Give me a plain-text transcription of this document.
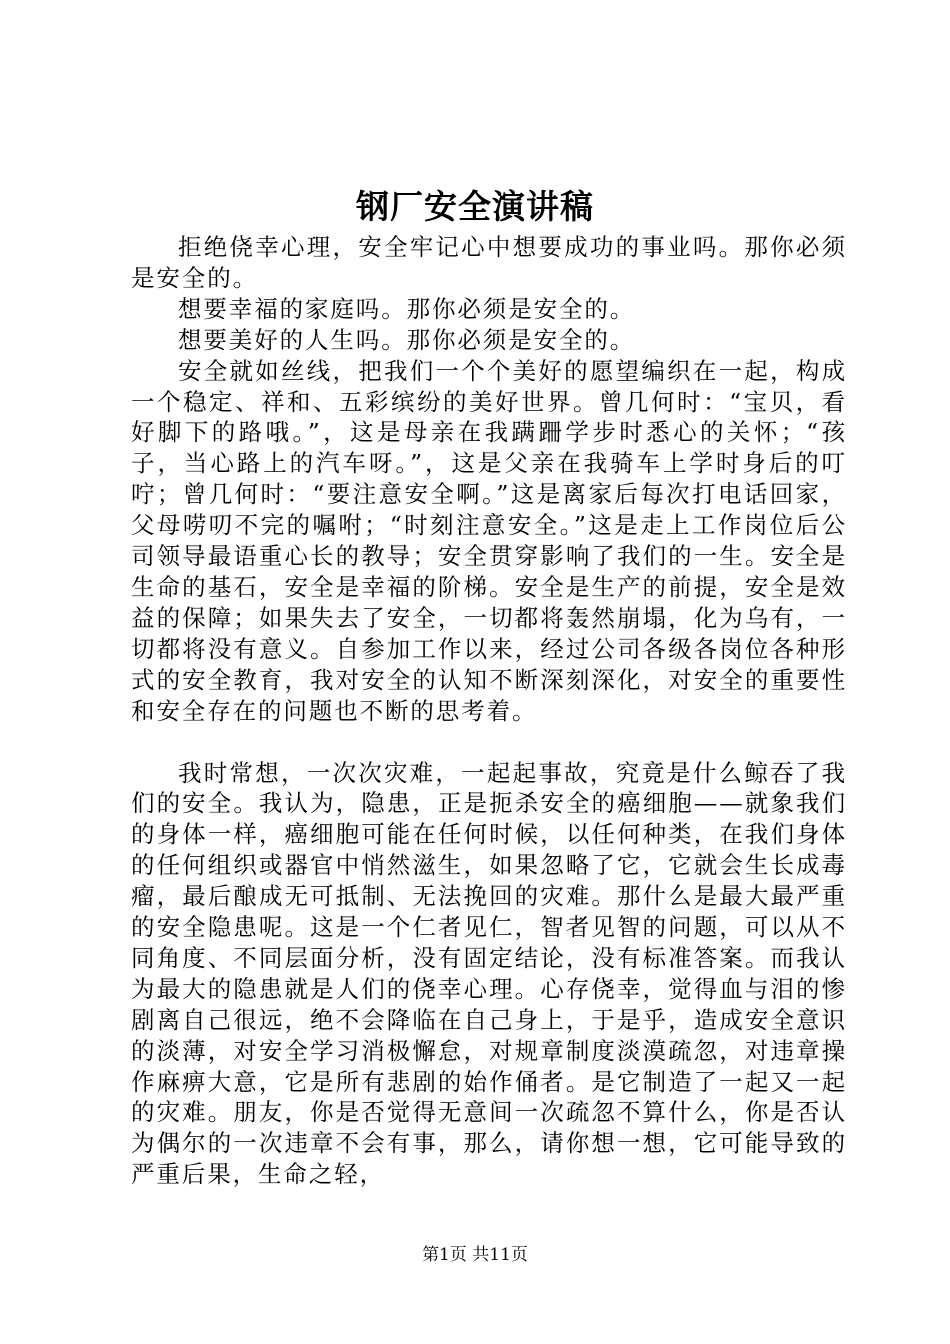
钢厂安全演讲稿

拒绝侥幸心理，安全牢记心中想要成功的事业吗。那你必须是安全的。

想要幸福的家庭吗。那你必须是安全的。

想要美好的人生吗。那你必须是安全的。

安全就如丝线，把我们一个个美好的愿望编织在一起，构成一个稳定、祥和、五彩缤纷的美好世界。曾几何时：“宝贝，看好脚下的路哦。”，这是母亲在我蹒跚学步时悉心的关怀；“孩子，当心路上的汽车呀。”，这是父亲在我骑车上学时身后的叮咛；曾几何时：“要注意安全啊。”这是离家后每次打电话回家，父母唠叨不完的嘱咐；“时刻注意安全。”这是走上工作岗位后公司领导最语重心长的教导；安全贯穿影响了我们的一生。安全是生命的基石，安全是幸福的阶梯。安全是生产的前提，安全是效益的保障；如果失去了安全，一切都将轰然崩塌，化为乌有，一切都将没有意义。自参加工作以来，经过公司各级各岗位各种形式的安全教育，我对安全的认知不断深刻深化，对安全的重要性和安全存在的问题也不断的思考着。

我时常想，一次次灾难，一起起事故，究竟是什么鲸吞了我们的安全。我认为，隐患，正是扼杀安全的癌细胞——就象我们的身体一样，癌细胞可能在任何时候，以任何种类，在我们身体的任何组织或器官中悄然滋生，如果忽略了它，它就会生长成毒瘤，最后酿成无可抵制、无法挽回的灾难。那什么是最大最严重的安全隐患呢。这是一个仁者见仁，智者见智的问题，可以从不同角度、不同层面分析，没有固定结论，没有标准答案。而我认为最大的隐患就是人们的侥幸心理。心存侥幸，觉得血与泪的惨剧离自己很远，绝不会降临在自己身上，于是乎，造成安全意识的淡薄，对安全学习消极懈怠，对规章制度淡漠疏忽，对违章操作麻痹大意，它是所有悲剧的始作俑者。是它制造了一起又一起的灾难。朋友，你是否觉得无意间一次疏忽不算什么，你是否认为偶尔的一次违章不会有事，那么，请你想一想，它可能导致的严重后果，生命之轻，

第1页 共11页
